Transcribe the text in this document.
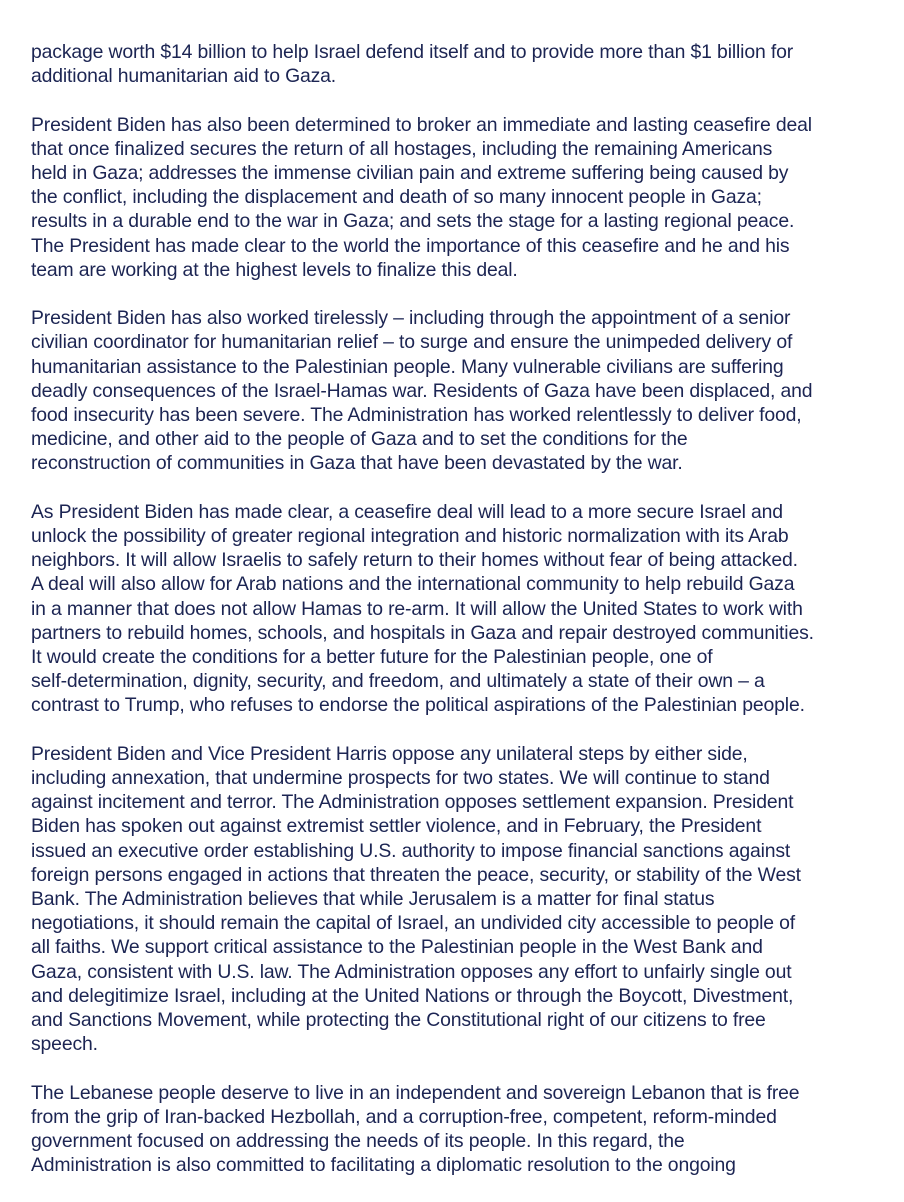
package worth $14 billion to help Israel defend itself and to provide more than $1 billion for
additional humanitarian aid to Gaza.

President Biden has also been determined to broker an immediate and lasting ceasefire deal
that once finalized secures the return of all hostages, including the remaining Americans
held in Gaza; addresses the immense civilian pain and extreme suffering being caused by
the conflict, including the displacement and death of so many innocent people in Gaza;
results in a durable end to the war in Gaza; and sets the stage for a lasting regional peace.
The President has made clear to the world the importance of this ceasefire and he and his
team are working at the highest levels to finalize this deal.

President Biden has also worked tirelessly – including through the appointment of a senior
civilian coordinator for humanitarian relief – to surge and ensure the unimpeded delivery of
humanitarian assistance to the Palestinian people. Many vulnerable civilians are suffering
deadly consequences of the Israel-Hamas war. Residents of Gaza have been displaced, and
food insecurity has been severe. The Administration has worked relentlessly to deliver food,
medicine, and other aid to the people of Gaza and to set the conditions for the
reconstruction of communities in Gaza that have been devastated by the war.

As President Biden has made clear, a ceasefire deal will lead to a more secure Israel and
unlock the possibility of greater regional integration and historic normalization with its Arab
neighbors. It will allow Israelis to safely return to their homes without fear of being attacked.
A deal will also allow for Arab nations and the international community to help rebuild Gaza
in a manner that does not allow Hamas to re-arm. It will allow the United States to work with
partners to rebuild homes, schools, and hospitals in Gaza and repair destroyed communities.
It would create the conditions for a better future for the Palestinian people, one of
self-determination, dignity, security, and freedom, and ultimately a state of their own – a
contrast to Trump, who refuses to endorse the political aspirations of the Palestinian people.

President Biden and Vice President Harris oppose any unilateral steps by either side,
including annexation, that undermine prospects for two states. We will continue to stand
against incitement and terror. The Administration opposes settlement expansion. President
Biden has spoken out against extremist settler violence, and in February, the President
issued an executive order establishing U.S. authority to impose financial sanctions against
foreign persons engaged in actions that threaten the peace, security, or stability of the West
Bank. The Administration believes that while Jerusalem is a matter for final status
negotiations, it should remain the capital of Israel, an undivided city accessible to people of
all faiths. We support critical assistance to the Palestinian people in the West Bank and
Gaza, consistent with U.S. law. The Administration opposes any effort to unfairly single out
and delegitimize Israel, including at the United Nations or through the Boycott, Divestment,
and Sanctions Movement, while protecting the Constitutional right of our citizens to free
speech.

The Lebanese people deserve to live in an independent and sovereign Lebanon that is free
from the grip of Iran-backed Hezbollah, and a corruption-free, competent, reform-minded
government focused on addressing the needs of its people. In this regard, the
Administration is also committed to facilitating a diplomatic resolution to the ongoing
